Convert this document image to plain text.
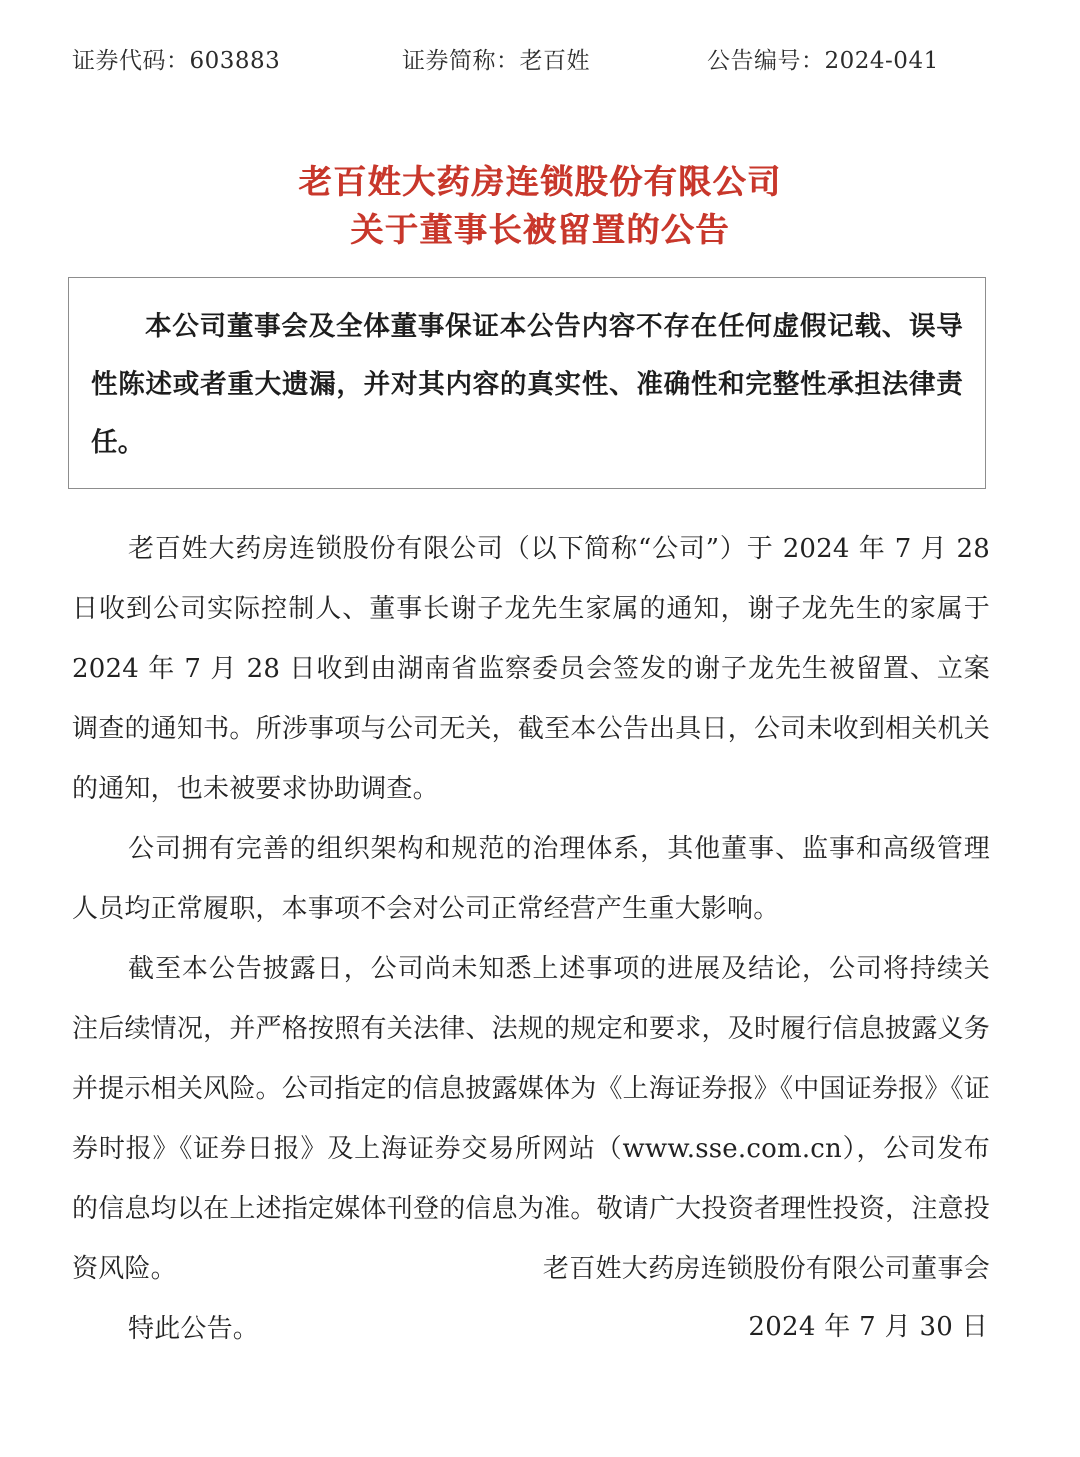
证券代码：603883	证券简称：老百姓	公告编号：2024-041
老百姓大药房连锁股份有限公司
关于董事长被留置的公告
本公司董事会及全体董事保证本公告内容不存在任何虚假记载、误导性陈述或者重大遗漏，并对其内容的真实性、准确性和完整性承担法律责任。

老百姓大药房连锁股份有限公司（以下简称“公司”）于 2024 年 7 月 28 日收到公司实际控制人、董事长谢子龙先生家属的通知，谢子龙先生的家属于 2024 年 7 月 28 日收到由湖南省监察委员会签发的谢子龙先生被留置、立案调查的通知书。所涉事项与公司无关，截至本公告出具日，公司未收到相关机关的通知，也未被要求协助调查。

公司拥有完善的组织架构和规范的治理体系，其他董事、监事和高级管理人员均正常履职，本事项不会对公司正常经营产生重大影响。

截至本公告披露日，公司尚未知悉上述事项的进展及结论，公司将持续关注后续情况，并严格按照有关法律、法规的规定和要求，及时履行信息披露义务并提示相关风险。公司指定的信息披露媒体为《上海证券报》《中国证券报》《证券时报》《证券日报》及上海证券交易所网站（www.sse.com.cn），公司发布的信息均以在上述指定媒体刊登的信息为准。敬请广大投资者理性投资，注意投资风险。

特此公告。

老百姓大药房连锁股份有限公司董事会
2024 年 7 月 30 日
